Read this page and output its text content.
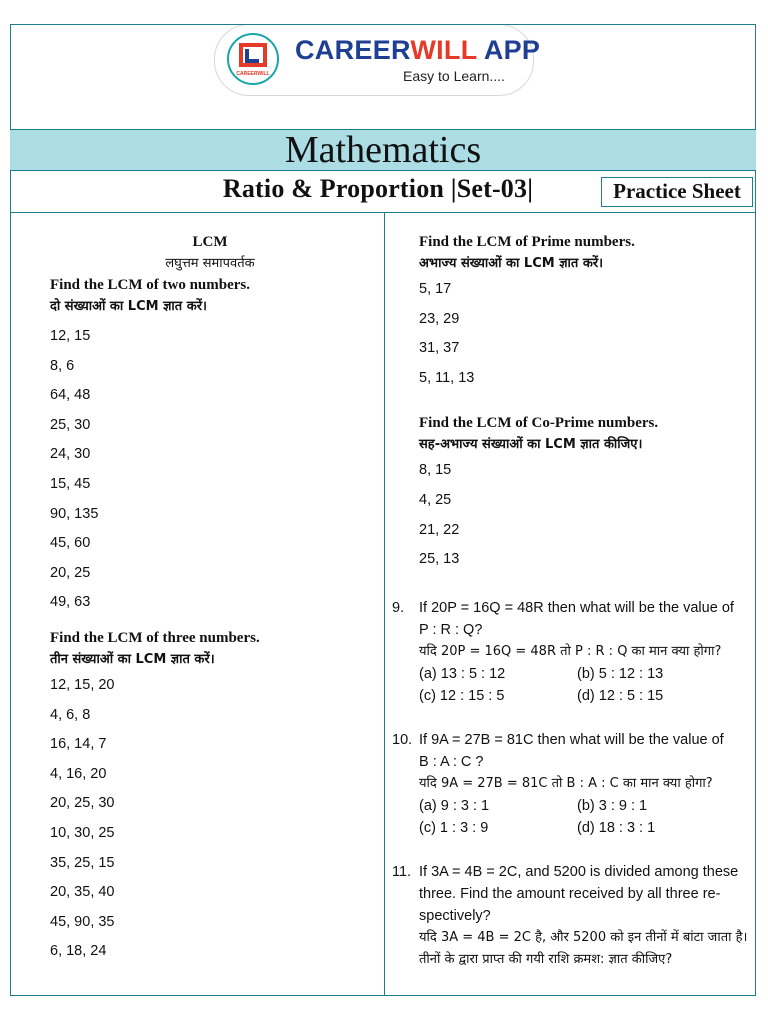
CAREERWILL
CAREERWILL APP
Easy to Learn....
Mathematics
Ratio & Proportion |Set-03|	Practice Sheet
LCM
लघुत्तम समापवर्तक
Find the LCM of two numbers.
दो संख्याओं का LCM ज्ञात करें।
12, 15
8, 6
64, 48
25, 30
24, 30
15, 45
90, 135
45, 60
20, 25
49, 63
Find the LCM of three numbers.
तीन संख्याओं का LCM ज्ञात करें।
12, 15, 20
4, 6, 8
16, 14, 7
4, 16, 20
20, 25, 30
10, 30, 25
35, 25, 15
20, 35, 40
45, 90, 35
6, 18, 24
Find the LCM of Prime numbers.
अभाज्य संख्याओं का LCM ज्ञात करें।
5, 17
23, 29
31, 37
5, 11, 13
Find the LCM of Co-Prime numbers.
सह-अभाज्य संख्याओं का LCM ज्ञात कीजिए।
8, 15
4, 25
21, 22
25, 13
9. If 20P = 16Q = 48R then what will be the value of
P : R : Q?
यदि 20P = 16Q = 48R तो P : R : Q का मान क्या होगा?
(a) 13 : 5 : 12	(b) 5 : 12 : 13
(c) 12 : 15 : 5	(d) 12 : 5 : 15
10. If 9A = 27B = 81C then what will be the value of
B : A : C ?
यदि 9A = 27B = 81C तो B : A : C का मान क्या होगा?
(a) 9 : 3 : 1	(b) 3 : 9 : 1
(c) 1 : 3 : 9	(d) 18 : 3 : 1
11. If 3A = 4B = 2C, and 5200 is divided among these
three. Find the amount received by all three re-
spectively?
यदि 3A = 4B = 2C है, और 5200 को इन तीनों में बांटा जाता है।
तीनों के द्वारा प्राप्त की गयी राशि क्रमश: ज्ञात कीजिए?
